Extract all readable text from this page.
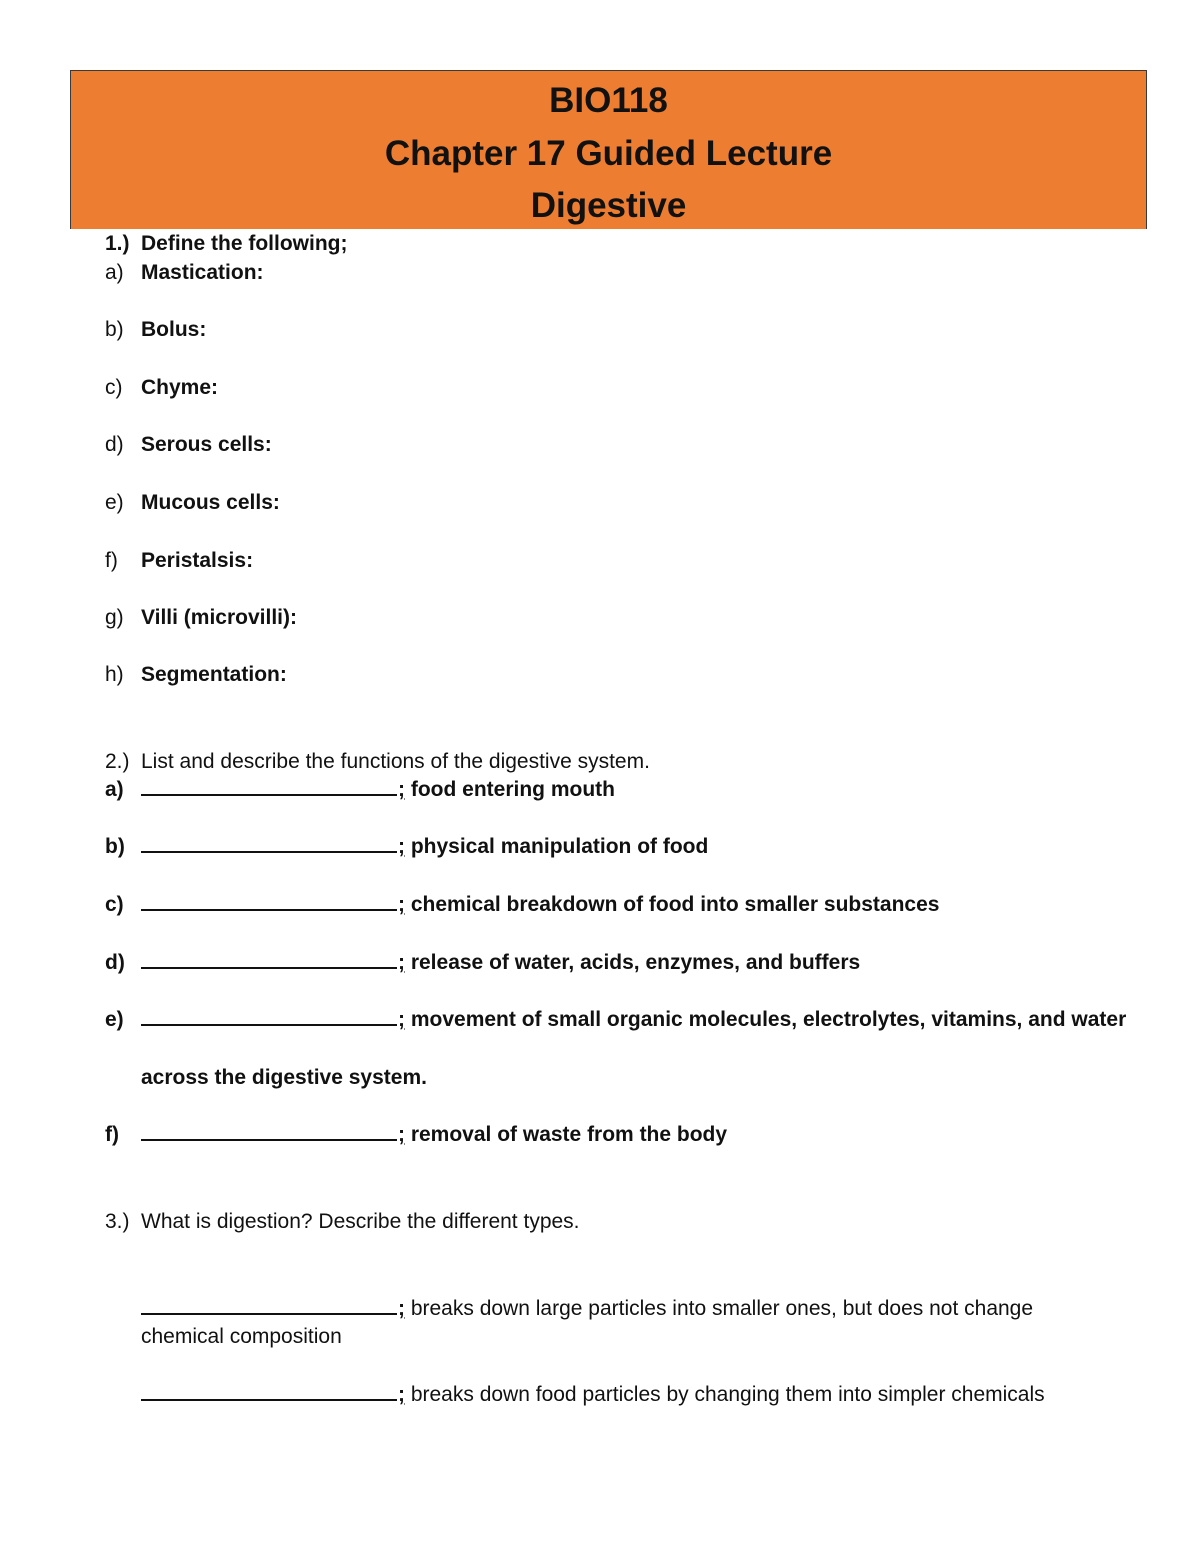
BIO118
Chapter 17 Guided Lecture
Digestive
1.) Define the following;
a) Mastication:
b) Bolus:
c) Chyme:
d) Serous cells:
e) Mucous cells:
f) Peristalsis:
g) Villi (microvilli):
h) Segmentation:
2.) List and describe the functions of the digestive system.
a)	; food entering mouth
b)	; physical manipulation of food
c)	; chemical breakdown of food into smaller substances
d)	; release of water, acids, enzymes, and buffers
e)	; movement of small organic molecules, electrolytes, vitamins, and water
across the digestive system.
f)	; removal of waste from the body
3.) What is digestion? Describe the different types.
; breaks down large particles into smaller ones, but does not change
chemical composition
; breaks down food particles by changing them into simpler chemicals
